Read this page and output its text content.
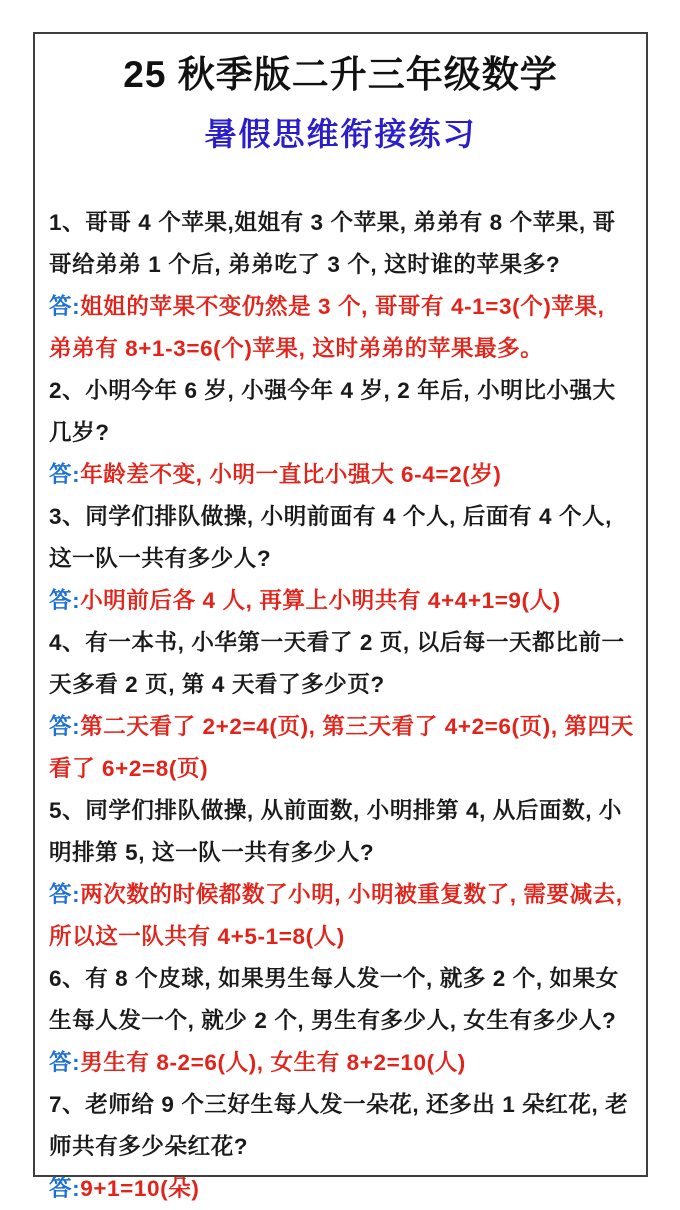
25 秋季版二升三年级数学
暑假思维衔接练习

1、哥哥 4 个苹果,姐姐有 3 个苹果, 弟弟有 8 个苹果, 哥哥给弟弟 1 个后, 弟弟吃了 3 个, 这时谁的苹果多?

答:姐姐的苹果不变仍然是 3 个, 哥哥有 4-1=3(个)苹果, 弟弟有 8+1-3=6(个)苹果, 这时弟弟的苹果最多。

2、小明今年 6 岁, 小强今年 4 岁, 2 年后, 小明比小强大几岁?

答:年龄差不变, 小明一直比小强大 6-4=2(岁)

3、同学们排队做操, 小明前面有 4 个人, 后面有 4 个人, 这一队一共有多少人?

答:小明前后各 4 人, 再算上小明共有 4+4+1=9(人)

4、有一本书, 小华第一天看了 2 页, 以后每一天都比前一天多看 2 页, 第 4 天看了多少页?

答:第二天看了 2+2=4(页), 第三天看了 4+2=6(页), 第四天看了 6+2=8(页)

5、同学们排队做操, 从前面数, 小明排第 4, 从后面数, 小明排第 5, 这一队一共有多少人?

答:两次数的时候都数了小明, 小明被重复数了, 需要减去, 所以这一队共有 4+5-1=8(人)

6、有 8 个皮球, 如果男生每人发一个, 就多 2 个, 如果女生每人发一个, 就少 2 个, 男生有多少人, 女生有多少人?

答:男生有 8-2=6(人), 女生有 8+2=10(人)

7、老师给 9 个三好生每人发一朵花, 还多出 1 朵红花, 老师共有多少朵红花?

答:9+1=10(朵)
